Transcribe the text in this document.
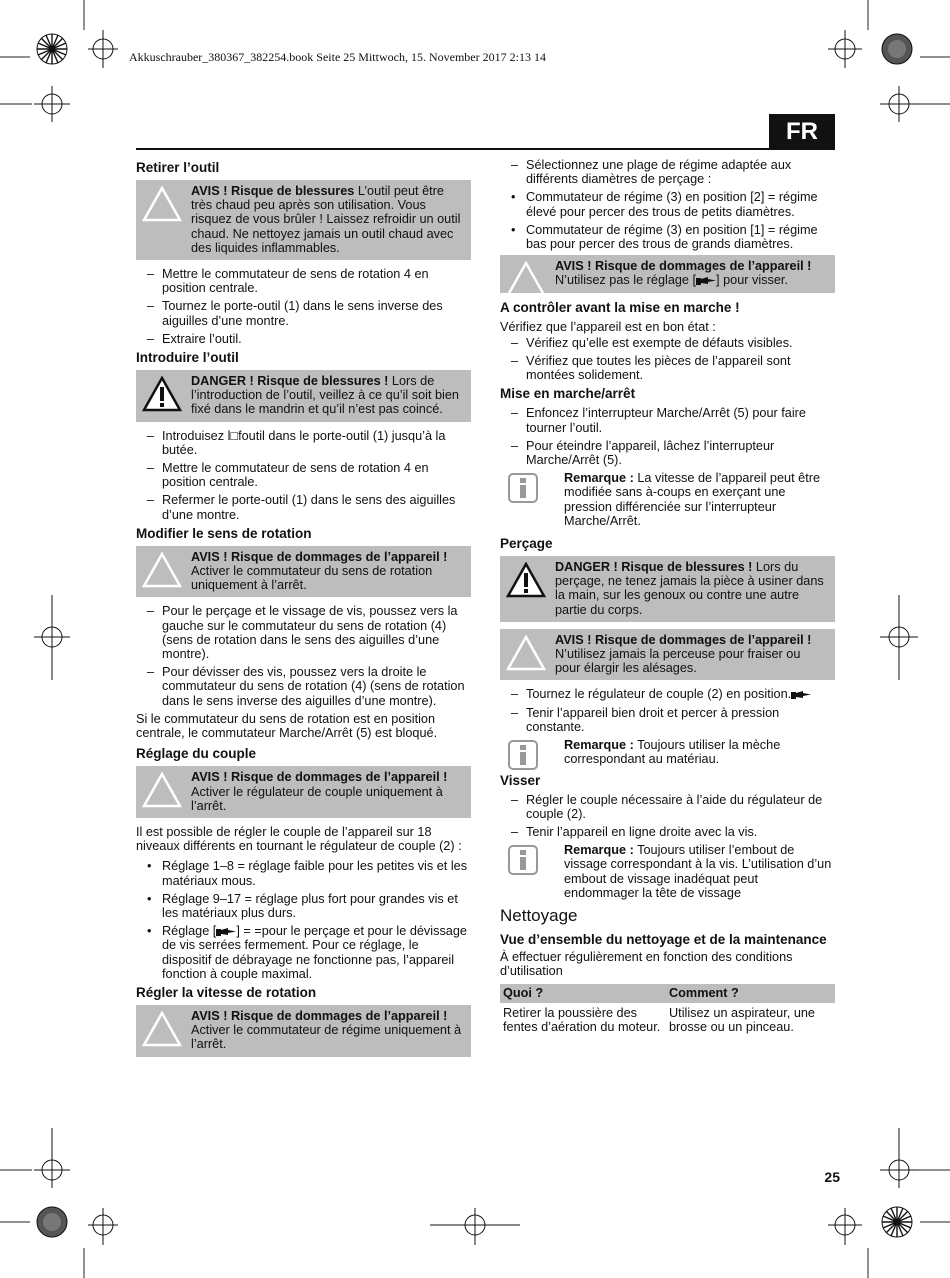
Akkuschrauber_380367_382254.book Seite 25 Mittwoch, 15. November 2017 2:13 14
FR
Retirer l’outil
AVIS ! Risque de blessures L’outil peut être très chaud peu après son utilisation. Vous risquez de vous brûler ! Laissez refroidir un outil chaud. Ne nettoyez jamais un outil chaud avec des liquides inflammables.
– Mettre le commutateur de sens de rotation 4 en position centrale.
– Tournez le porte-outil (1) dans le sens inverse des aiguilles d’une montre.
– Extraire l’outil.
Introduire l’outil
DANGER ! Risque de blessures ! Lors de l’introduction de l’outil, veillez à ce qu’il soit bien fixé dans le mandrin et qu’il n’est pas coincé.
– Introduisez l□foutil dans le porte-outil (1) jusqu’à la butée.
– Mettre le commutateur de sens de rotation 4 en position centrale.
– Refermer le porte-outil (1) dans le sens des aiguilles d’une montre.
Modifier le sens de rotation
AVIS ! Risque de dommages de l’appareil ! Activer le commutateur du sens de rotation uniquement à l’arrêt.
– Pour le perçage et le vissage de vis, poussez vers la gauche sur le commutateur du sens de rotation (4) (sens de rotation dans le sens des aiguilles d’une montre).
– Pour dévisser des vis, poussez vers la droite le commutateur du sens de rotation (4) (sens de rotation dans le sens inverse des aiguilles d’une montre).

Si le commutateur du sens de rotation est en position centrale, le commutateur Marche/Arrêt (5) est bloqué.

Réglage du couple
AVIS ! Risque de dommages de l’appareil ! Activer le régulateur de couple uniquement à l’arrêt.

Il est possible de régler le couple de l’appareil sur 18 niveaux différents en tournant le régulateur de couple (2) :

• Réglage 1–8 = réglage faible pour les petites vis et les matériaux mous.
• Réglage 9–17 = réglage plus fort pour grandes vis et les matériaux plus durs.
• Réglage [ ] = =pour le perçage et pour le dévissage de vis serrées fermement. Pour ce réglage, le dispositif de débrayage ne fonctionne pas, l’appareil fonction à couple maximal.
Régler la vitesse de rotation
AVIS ! Risque de dommages de l’appareil ! Activer le commutateur de régime uniquement à l’arrêt.
– Sélectionnez une plage de régime adaptée aux différents diamètres de perçage :
• Commutateur de régime (3) en position [2] = régime élevé pour percer des trous de petits diamètres.
• Commutateur de régime (3) en position [1] = régime bas pour percer des trous de grands diamètres.
AVIS ! Risque de dommages de l’appareil ! N’utilisez pas le réglage [ ] pour visser.
A contrôler avant la mise en marche !

Vérifiez que l’appareil est en bon état :

– Vérifiez qu’elle est exempte de défauts visibles.
– Vérifiez que toutes les pièces de l’appareil sont montées solidement.
Mise en marche/arrêt
– Enfoncez l’interrupteur Marche/Arrêt (5) pour faire tourner l’outil.
– Pour éteindre l’appareil, lâchez l’interrupteur Marche/Arrêt (5).
Remarque : La vitesse de l’appareil peut être modifiée sans à-coups en exerçant une pression différenciée sur l’interrupteur Marche/Arrêt.
Perçage
DANGER ! Risque de blessures ! Lors du perçage, ne tenez jamais la pièce à usiner dans la main, sur les genoux ou contre une autre partie du corps.
AVIS ! Risque de dommages de l’appareil ! N’utilisez jamais la perceuse pour fraiser ou pour élargir les alésages.
– Tournez le régulateur de couple (2) en position.
– Tenir l’appareil bien droit et percer à pression constante.
Remarque : Toujours utiliser la mèche correspondant au matériau.
Visser
– Régler le couple nécessaire à l’aide du régulateur de couple (2).
– Tenir l’appareil en ligne droite avec la vis.
Remarque : Toujours utiliser l’embout de vissage correspondant à la vis. L’utilisation d’un embout de vissage inadéquat peut endommager la tête de vissage
Nettoyage
Vue d’ensemble du nettoyage et de la maintenance

À effectuer régulièrement en fonction des conditions d’utilisation

Quoi ?	Comment ?
Retirer la poussière des fentes d’aération du moteur.	Utilisez un aspirateur, une brosse ou un pinceau.
25
